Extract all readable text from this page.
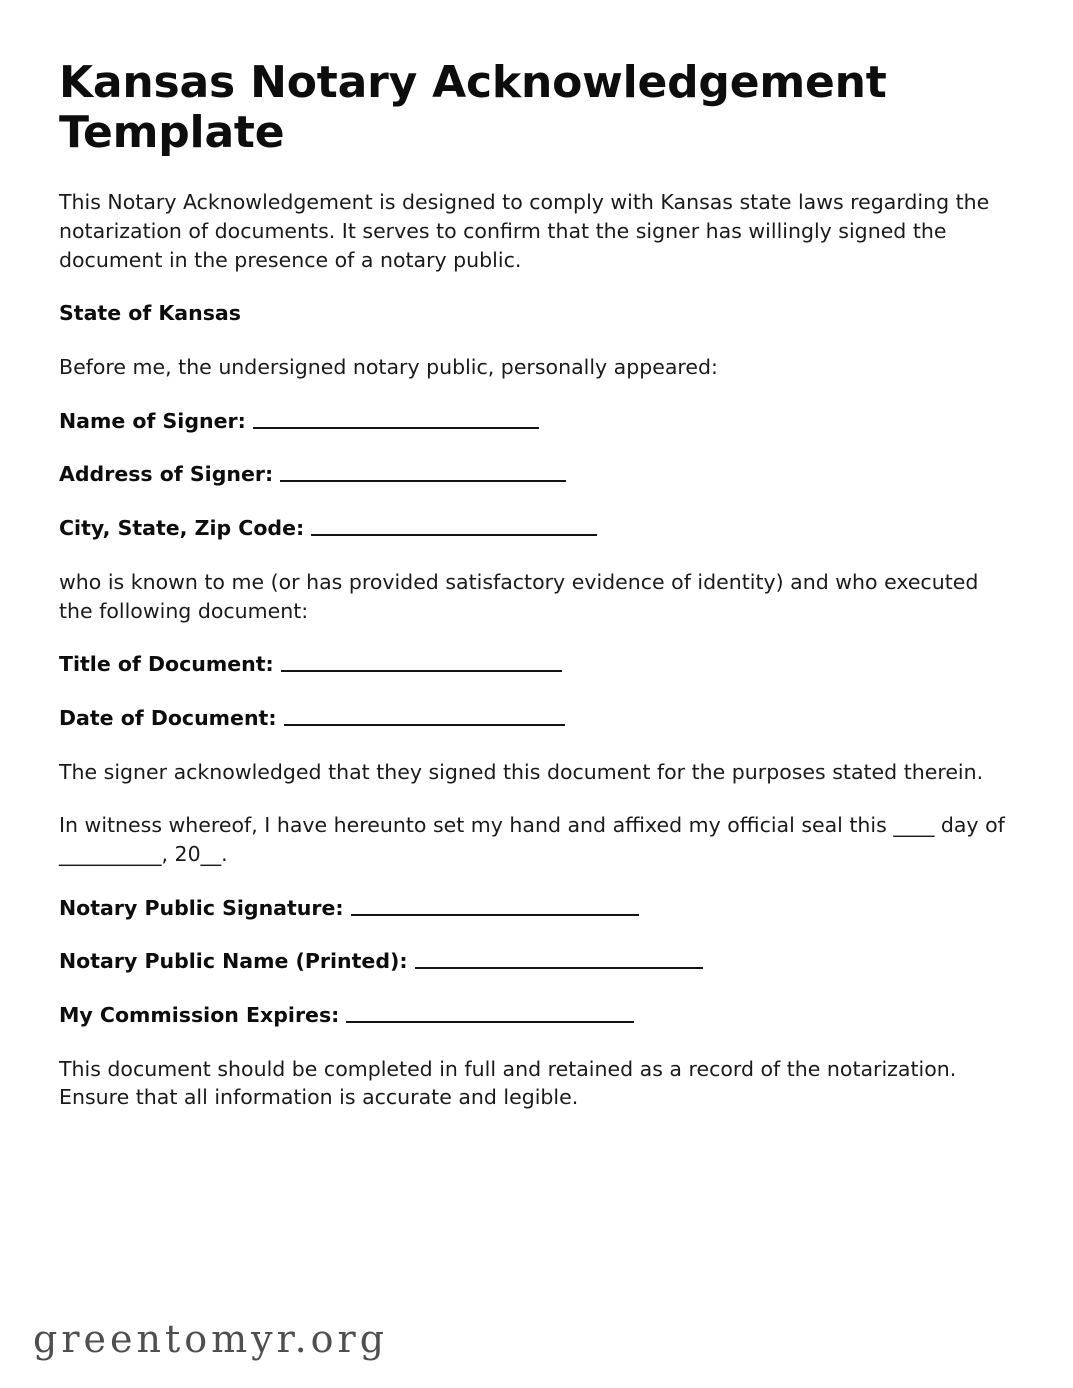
Kansas Notary Acknowledgement Template

This Notary Acknowledgement is designed to comply with Kansas state laws regarding the notarization of documents. It serves to confirm that the signer has willingly signed the document in the presence of a notary public.

State of Kansas

Before me, the undersigned notary public, personally appeared:

Name of Signer:
Address of Signer:
City, State, Zip Code:

who is known to me (or has provided satisfactory evidence of identity) and who executed the following document:

Title of Document:
Date of Document:

The signer acknowledged that they signed this document for the purposes stated therein.

In witness whereof, I have hereunto set my hand and affixed my official seal this ____ day of __________, 20__.

Notary Public Signature:
Notary Public Name (Printed):
My Commission Expires:

This document should be completed in full and retained as a record of the notarization. Ensure that all information is accurate and legible.

greentomyr.org
